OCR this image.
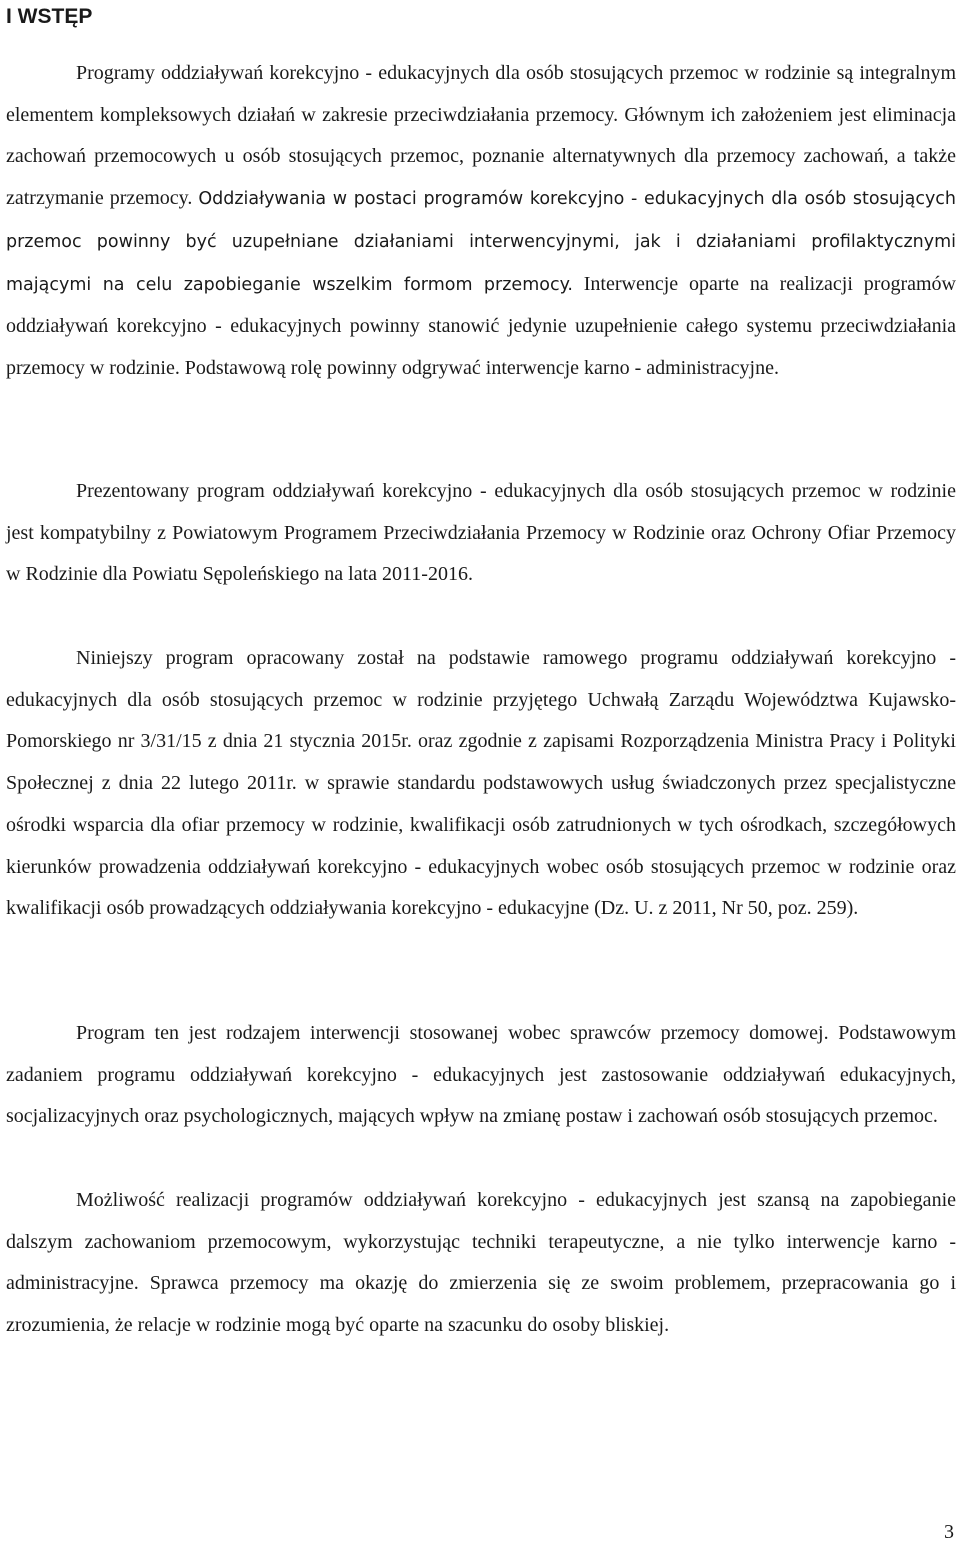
I WSTĘP

Programy oddziaływań korekcyjno - edukacyjnych dla osób stosujących przemoc w rodzinie są integralnym elementem kompleksowych działań w zakresie przeciwdziałania przemocy. Głównym ich założeniem jest eliminacja zachowań przemocowych u osób stosujących przemoc, poznanie alternatywnych dla przemocy zachowań, a także zatrzymanie przemocy. Oddziaływania w postaci programów korekcyjno - edukacyjnych dla osób stosujących przemoc powinny być uzupełniane działaniami interwencyjnymi, jak i działaniami profilaktycznymi mającymi na celu zapobieganie wszelkim formom przemocy. Interwencje oparte na realizacji programów oddziaływań korekcyjno - edukacyjnych powinny stanowić jedynie uzupełnienie całego systemu przeciwdziałania przemocy w rodzinie. Podstawową rolę powinny odgrywać interwencje karno - administracyjne.

Prezentowany program oddziaływań korekcyjno - edukacyjnych dla osób stosujących przemoc w rodzinie jest kompatybilny z Powiatowym Programem Przeciwdziałania Przemocy w Rodzinie oraz Ochrony Ofiar Przemocy w Rodzinie dla Powiatu Sępoleńskiego na lata 2011-2016.

Niniejszy program opracowany został na podstawie ramowego programu oddziaływań korekcyjno - edukacyjnych dla osób stosujących przemoc w rodzinie przyjętego Uchwałą Zarządu Województwa Kujawsko- Pomorskiego nr 3/31/15 z dnia 21 stycznia 2015r. oraz zgodnie z zapisami Rozporządzenia Ministra Pracy i Polityki Społecznej z dnia 22 lutego 2011r. w sprawie standardu podstawowych usług świadczonych przez specjalistyczne ośrodki wsparcia dla ofiar przemocy w rodzinie, kwalifikacji osób zatrudnionych w tych ośrodkach, szczegółowych kierunków prowadzenia oddziaływań korekcyjno - edukacyjnych wobec osób stosujących przemoc w rodzinie oraz kwalifikacji osób prowadzących oddziaływania korekcyjno - edukacyjne (Dz. U. z 2011, Nr 50, poz. 259).

Program ten jest rodzajem interwencji stosowanej wobec sprawców przemocy domowej. Podstawowym zadaniem programu oddziaływań korekcyjno - edukacyjnych jest zastosowanie oddziaływań edukacyjnych, socjalizacyjnych oraz psychologicznych, mających wpływ na zmianę postaw i zachowań osób stosujących przemoc.

Możliwość realizacji programów oddziaływań korekcyjno - edukacyjnych jest szansą na zapobieganie dalszym zachowaniom przemocowym, wykorzystując techniki terapeutyczne, a nie tylko interwencje karno - administracyjne. Sprawca przemocy ma okazję do zmierzenia się ze swoim problemem, przepracowania go i zrozumienia, że relacje w rodzinie mogą być oparte na szacunku do osoby bliskiej.

3
